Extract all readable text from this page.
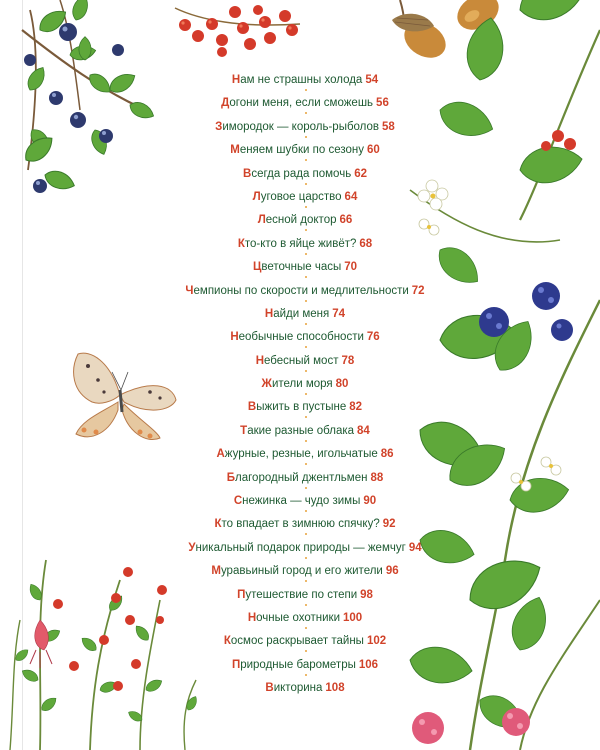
Нам не страшны холода 54
Догони меня, если сможешь 56
Зимородок — король-рыболов 58
Меняем шубки по сезону 60
Всегда рада помочь 62
Луговое царство 64
Лесной доктор 66
Кто-кто в яйце живёт? 68
Цветочные часы 70
Чемпионы по скорости и медлительности 72
Найди меня 74
Необычные способности 76
Небесный мост 78
Жители моря 80
Выжить в пустыне 82
Такие разные облака 84
Ажурные, резные, игольчатые 86
Благородный джентльмен 88
Снежинка — чудо зимы 90
Кто впадает в зимнюю спячку? 92
Уникальный подарок природы — жемчуг 94
Муравьиный город и его жители 96
Путешествие по степи 98
Ночные охотники 100
Космос раскрывает тайны 102
Природные барометры 106
Викторина 108
